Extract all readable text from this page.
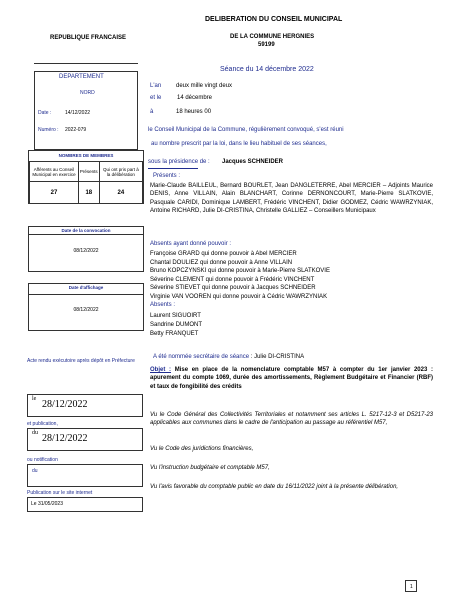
DELIBERATION DU CONSEIL MUNICIPAL
REPUBLIQUE FRANCAISE	DE LA COMMUNE HERGNIES
59199
Séance du 14 décembre 2022
DEPARTEMENT
NORD
Date :	14/12/2022
Numéro : 2022-079
NOMBRES DE MEMBRES
Afférents au Conseil Municipal en exercice	Présents	Qui ont pris part à la délibération
27	18	24
Date de la convocation
08/12/2022
Date d'affichage
08/12/2022
Acte rendu exécutoire après dépôt en Préfecture
le 28/12/2022
et publication,
du 28/12/2022
ou notification
du
Publication sur le site internet
Le 31/05/2023
L'an deux mille vingt deux
et le	14 décembre
à	18 heures 00
le Conseil Municipal de la Commune, régulièrement convoqué, s'est réuni
au nombre prescrit par la loi, dans le lieu habituel de ses séances,
sous la présidence de : Jacques SCHNEIDER
Présents :
Marie-Claude BAILLEUL, Bernard BOURLET, Jean DANGLETERRE, Abel MERCIER – Adjoints Maurice DENIS, Anne VILLAIN, Alain BLANCHART, Corinne DERNONCOURT, Marie-Pierre SLATKOVIE, Pasquale CARIDI, Dominique LAMBERT, Frédéric VINCHENT, Didier GODMEZ, Cédric WAWRZYNIAK, Antoine RICHARD, Julie DI-CRISTINA, Christelle GALLIEZ – Conseillers Municipaux
Absents ayant donné pouvoir :
Françoise GRARD qui donne pouvoir à Abel MERCIER
Chantal DOULIEZ qui donne pouvoir à Anne VILLAIN
Bruno KOPCZYNSKI qui donne pouvoir à Marie-Pierre SLATKOVIE
Séverine CLEMENT qui donne pouvoir à Frédéric VINCHENT
Séverine STIEVET qui donne pouvoir à Jacques SCHNEIDER
Virginie VAN VOOREN qui donne pouvoir à Cédric WAWRZYNIAK
Absents :
Laurent SIGUOIRT
Sandrine DUMONT
Betty FRANQUET
A été nommée secrétaire de séance : Julie DI-CRISTINA
Objet : Mise en place de la nomenclature comptable M57 à compter du 1er janvier 2023 : apurement du compte 1069, durée des amortissements, Règlement Budgétaire et Financier (RBF) et taux de fongibilité des crédits
Vu le Code Général des Collectivités Territoriales et notamment ses articles L. 5217-12-3 et D5217-23 applicables aux communes dans le cadre de l'anticipation au passage au référentiel M57,
Vu le Code des juridictions financières,
Vu l'instruction budgétaire et comptable M57,
Vu l'avis favorable du comptable public en date du 16/11/2022 joint à la présente délibération,
1
